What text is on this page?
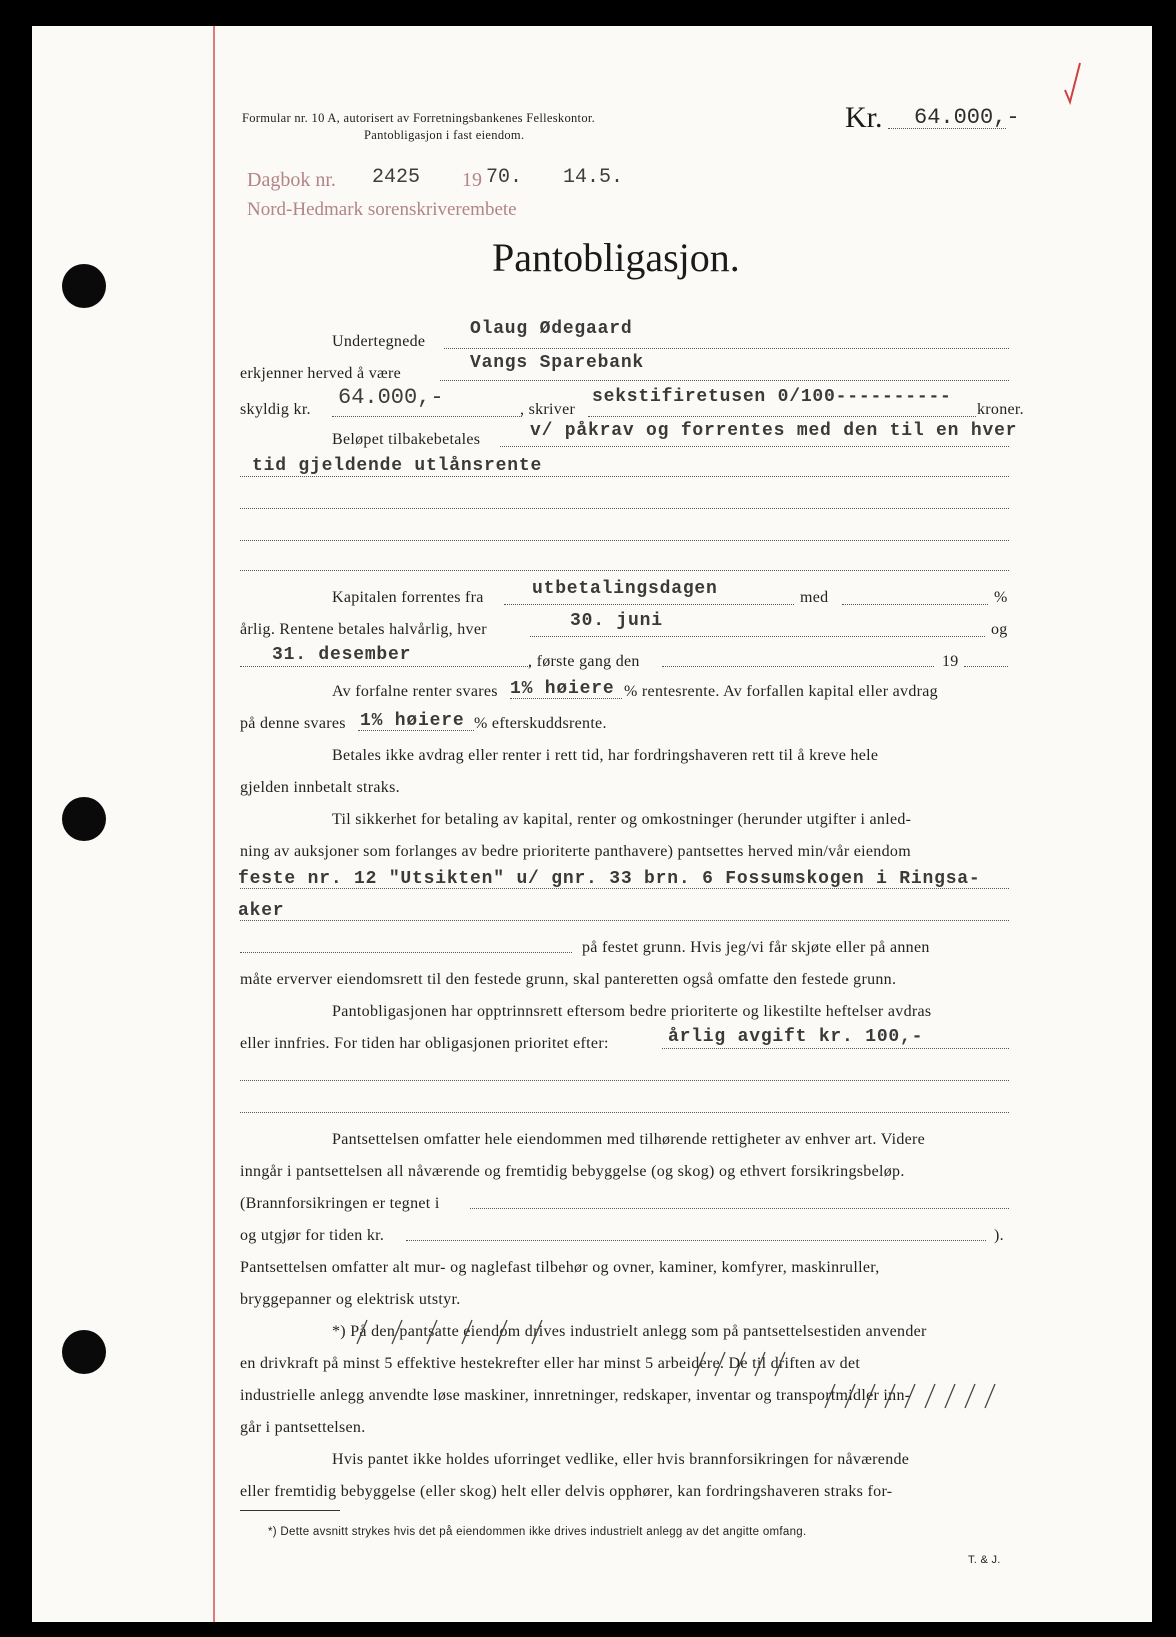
Formular nr. 10 A, autorisert av Forretningsbankenes Felleskontor.
Pantobligasjon i fast eiendom.
Kr. 64.000,-
Dagbok nr. 2425 19 70. 14.5.
Nord-Hedmark sorenskriverembete
Pantobligasjon.
Undertegnede
Olaug Ødegaard
erkjenner herved å være
Vangs Sparebank
skyldig kr. 64.000,-	, skriver
sekstifiretusen 0/100----------
kroner.
Beløpet tilbakebetales	v/ påkrav og forrentes med den til en hver
tid gjeldende utlånsrente
Kapitalen forrentes fra	utbetalingsdagen	med	%
årlig. Rentene betales halvårlig, hver	30. juni	og
31. desember	, første gang den	19
Av forfalne renter svares 1% høiere % rentesrente. Av forfallen kapital eller avdrag
på denne svares 1% høiere % efterskuddsrente.
Betales ikke avdrag eller renter i rett tid, har fordringshaveren rett til å kreve hele
gjelden innbetalt straks.
Til sikkerhet for betaling av kapital, renter og omkostninger (herunder utgifter i anled-
ning av auksjoner som forlanges av bedre prioriterte panthavere) pantsettes herved min/vår eiendom
feste nr. 12 "Utsikten" u/ gnr. 33 brn. 6 Fossumskogen i Ringsa-
aker
på festet grunn. Hvis jeg/vi får skjøte eller på annen
måte erverver eiendomsrett til den festede grunn, skal panteretten også omfatte den festede grunn.
Pantobligasjonen har opptrinnsrett eftersom bedre prioriterte og likestilte heftelser avdras
eller innfries. For tiden har obligasjonen prioritet efter:	årlig avgift kr. 100,-
Pantsettelsen omfatter hele eiendommen med tilhørende rettigheter av enhver art. Videre
inngår i pantsettelsen all nåværende og fremtidig bebyggelse (og skog) og ethvert forsikringsbeløp.
(Brannforsikringen er tegnet i
og utgjør for tiden kr.	).
Pantsettelsen omfatter alt mur- og naglefast tilbehør og ovner, kaminer, komfyrer, maskinruller,
bryggepanner og elektrisk utstyr.
*) På den pantsatte eiendom drives industrielt anlegg som på pantsettelsestiden anvender
en drivkraft på minst 5 effektive hestekrefter eller har minst 5 arbeidere. De til driften av det
industrielle anlegg anvendte løse maskiner, innretninger, redskaper, inventar og transportmidler inn-
går i pantsettelsen.
Hvis pantet ikke holdes uforringet vedlike, eller hvis brannforsikringen for nåværende
eller fremtidig bebyggelse (eller skog) helt eller delvis opphører, kan fordringshaveren straks for-
*) Dette avsnitt strykes hvis det på eiendommen ikke drives industrielt anlegg av det angitte omfang.
T. & J.
